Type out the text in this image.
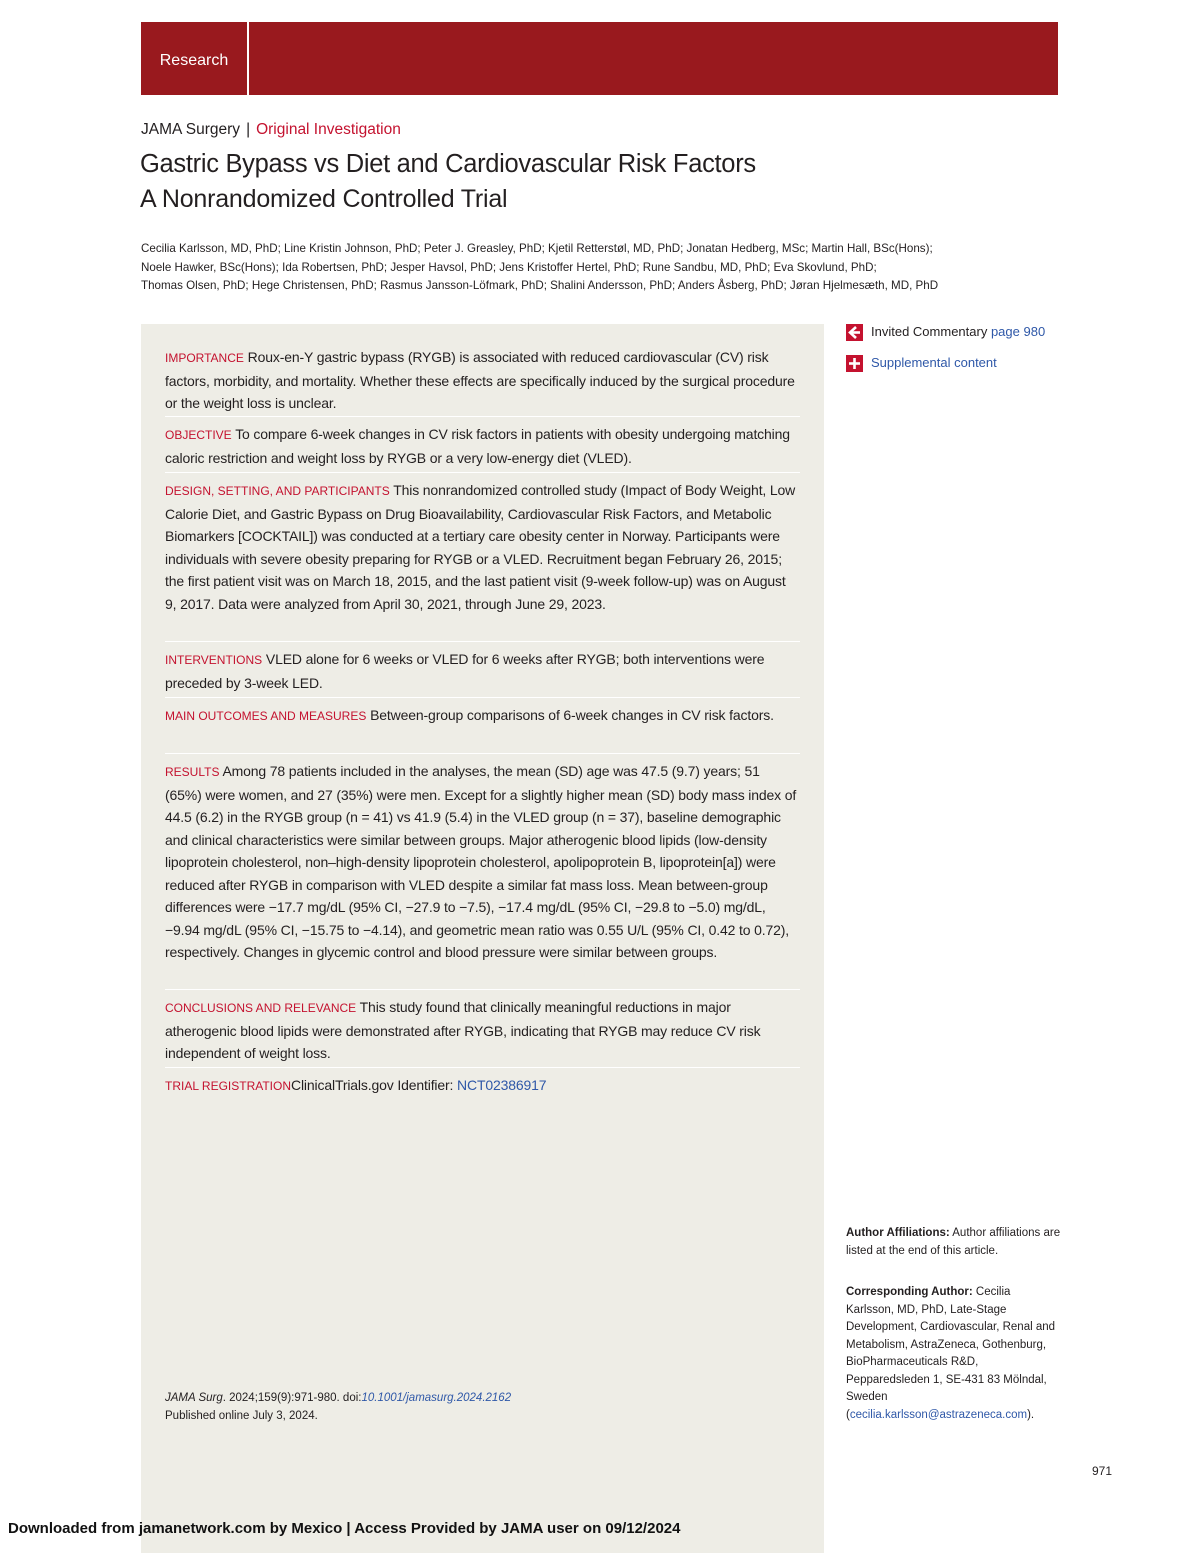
Research
JAMA Surgery | Original Investigation
Gastric Bypass vs Diet and Cardiovascular Risk Factors
A Nonrandomized Controlled Trial
Cecilia Karlsson, MD, PhD; Line Kristin Johnson, PhD; Peter J. Greasley, PhD; Kjetil Retterstøl, MD, PhD; Jonatan Hedberg, MSc; Martin Hall, BSc(Hons);
Noele Hawker, BSc(Hons); Ida Robertsen, PhD; Jesper Havsol, PhD; Jens Kristoffer Hertel, PhD; Rune Sandbu, MD, PhD; Eva Skovlund, PhD;
Thomas Olsen, PhD; Hege Christensen, PhD; Rasmus Jansson-Löfmark, PhD; Shalini Andersson, PhD; Anders Åsberg, PhD; Jøran Hjelmesæth, MD, PhD
IMPORTANCE Roux-en-Y gastric bypass (RYGB) is associated with reduced cardiovascular (CV) risk factors, morbidity, and mortality. Whether these effects are specifically induced by the surgical procedure or the weight loss is unclear.
OBJECTIVE To compare 6-week changes in CV risk factors in patients with obesity undergoing matching caloric restriction and weight loss by RYGB or a very low-energy diet (VLED).
DESIGN, SETTING, AND PARTICIPANTS This nonrandomized controlled study (Impact of Body Weight, Low Calorie Diet, and Gastric Bypass on Drug Bioavailability, Cardiovascular Risk Factors, and Metabolic Biomarkers [COCKTAIL]) was conducted at a tertiary care obesity center in Norway. Participants were individuals with severe obesity preparing for RYGB or a VLED. Recruitment began February 26, 2015; the first patient visit was on March 18, 2015, and the last patient visit (9-week follow-up) was on August 9, 2017. Data were analyzed from April 30, 2021, through June 29, 2023.
INTERVENTIONS VLED alone for 6 weeks or VLED for 6 weeks after RYGB; both interventions were preceded by 3-week LED.
MAIN OUTCOMES AND MEASURES Between-group comparisons of 6-week changes in CV risk factors.
RESULTS Among 78 patients included in the analyses, the mean (SD) age was 47.5 (9.7) years; 51 (65%) were women, and 27 (35%) were men. Except for a slightly higher mean (SD) body mass index of 44.5 (6.2) in the RYGB group (n = 41) vs 41.9 (5.4) in the VLED group (n = 37), baseline demographic and clinical characteristics were similar between groups. Major atherogenic blood lipids (low-density lipoprotein cholesterol, non–high-density lipoprotein cholesterol, apolipoprotein B, lipoprotein[a]) were reduced after RYGB in comparison with VLED despite a similar fat mass loss. Mean between-group differences were −17.7 mg/dL (95% CI, −27.9 to −7.5), −17.4 mg/dL (95% CI, −29.8 to −5.0) mg/dL, −9.94 mg/dL (95% CI, −15.75 to −4.14), and geometric mean ratio was 0.55 U/L (95% CI, 0.42 to 0.72), respectively. Changes in glycemic control and blood pressure were similar between groups.
CONCLUSIONS AND RELEVANCE This study found that clinically meaningful reductions in major atherogenic blood lipids were demonstrated after RYGB, indicating that RYGB may reduce CV risk independent of weight loss.
TRIAL REGISTRATIONClinicalTrials.gov Identifier: NCT02386917
Invited Commentary page 980
Supplemental content
Author Affiliations: Author affiliations are listed at the end of this article.
Corresponding Author: Cecilia Karlsson, MD, PhD, Late-Stage Development, Cardiovascular, Renal and Metabolism, AstraZeneca, Gothenburg, BioPharmaceuticals R&D, Pepparedsleden 1, SE-431 83 Mölndal, Sweden (cecilia.karlsson@astrazeneca.com).
JAMA Surg. 2024;159(9):971-980. doi:10.1001/jamasurg.2024.2162
Published online July 3, 2024.
971
Downloaded from jamanetwork.com by Mexico | Access Provided by JAMA user on 09/12/2024
